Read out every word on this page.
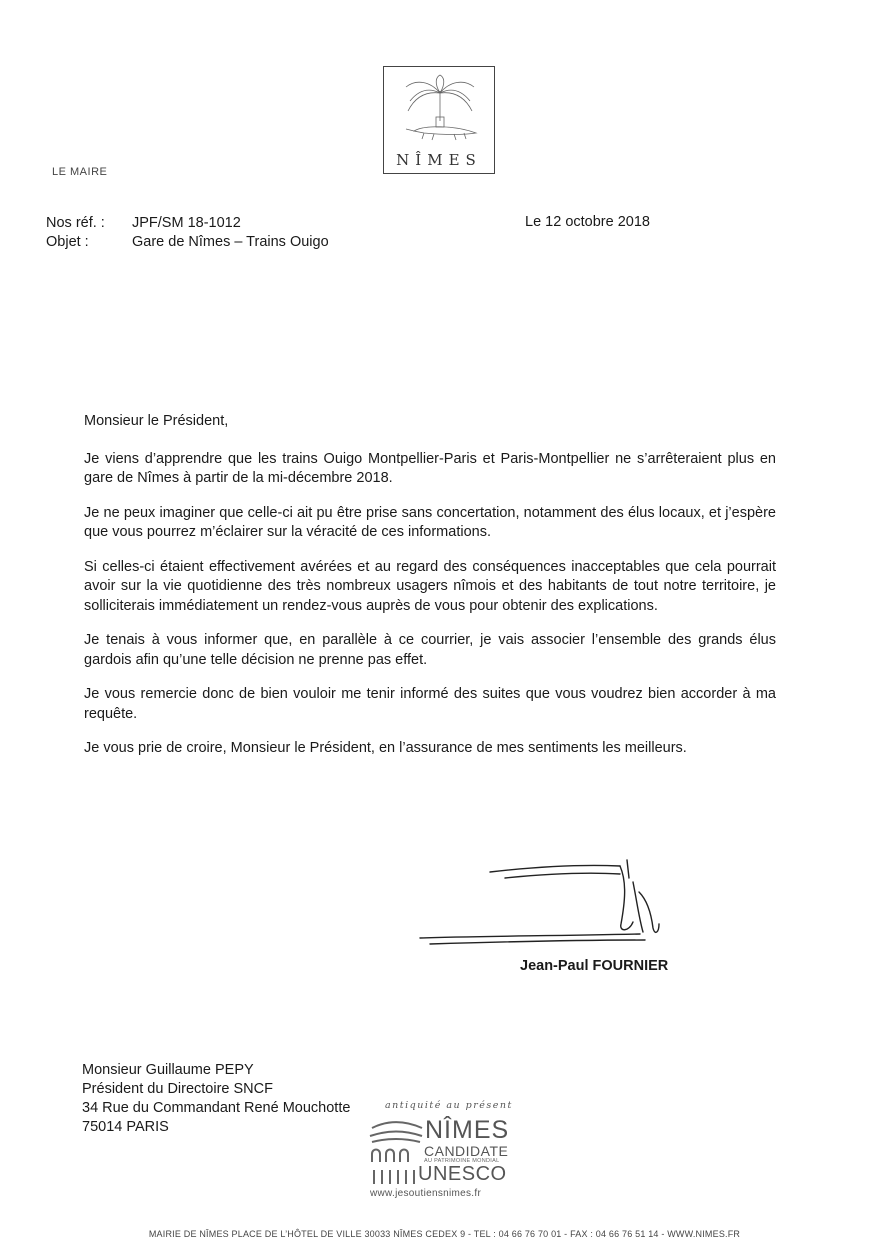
NÎMES
LE MAIRE
Nos réf. : JPF/SM 18-1012
Objet :	Gare de Nîmes – Trains Ouigo
Le 12 octobre 2018

Monsieur le Président,

Je viens d’apprendre que les trains Ouigo Montpellier-Paris et Paris-Montpellier ne s’arrêteraient plus en gare de Nîmes à partir de la mi-décembre 2018.

Je ne peux imaginer que celle-ci ait pu être prise sans concertation, notamment des élus locaux, et j’espère que vous pourrez m’éclairer sur la véracité de ces informations.

Si celles-ci étaient effectivement avérées et au regard des conséquences inacceptables que cela pourrait avoir sur la vie quotidienne des très nombreux usagers nîmois et des habitants de tout notre territoire, je solliciterais immédiatement un rendez-vous auprès de vous pour obtenir des explications.

Je tenais à vous informer que, en parallèle à ce courrier, je vais associer l’ensemble des grands élus gardois afin qu’une telle décision ne prenne pas effet.

Je vous remercie donc de bien vouloir me tenir informé des suites que vous voudrez bien accorder à ma requête.

Je vous prie de croire, Monsieur le Président, en l’assurance de mes sentiments les meilleurs.

Jean-Paul FOURNIER
Monsieur Guillaume PEPY
Président du Directoire SNCF
34 Rue du Commandant René Mouchotte
75014 PARIS
antiquité au présent
NÎMES
CANDIDATE
AU PATRIMOINE MONDIAL
UNESCO
www.jesoutiensnimes.fr
MAIRIE DE NÎMES PLACE DE L’HÔTEL DE VILLE 30033 NÎMES CEDEX 9 - TEL : 04 66 76 70 01 - FAX : 04 66 76 51 14 - WWW.NIMES.FR
